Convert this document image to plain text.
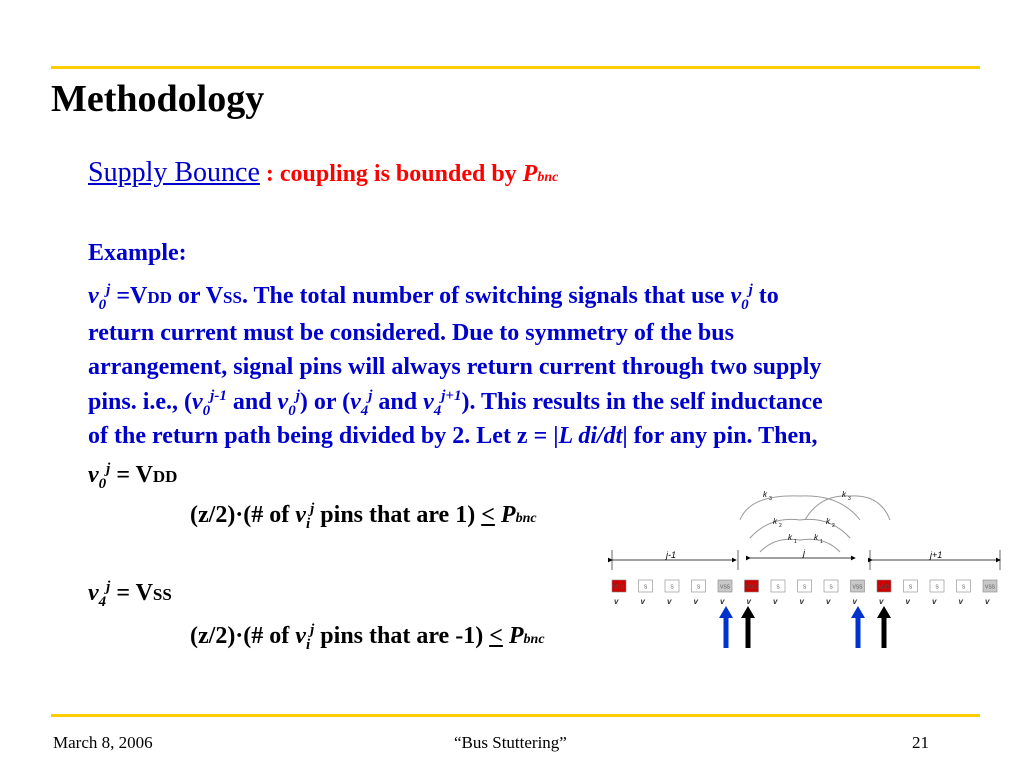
Methodology
Supply Bounce : coupling is bounded by Pbnc
Example:
$v_0^j =VDD$ or VSS. The total number of switching signals that use $v_0^j$ to
return current must be considered. Due to symmetry of the bus
arrangement, signal pins will always return current through two supply
pins. i.e., ($v_0^{j-1}$ and $v_0^j$) or ($v_4^j$ and $v_4^{j+1}$). This results in the self inductance
of the return path being divided by 2. Let z = |L di/dt| for any pin. Then,
$v_0^j$ = VDD
(z/2)·(# of $v_i^j$ pins that are 1) < Pbnc
$v_4^j$ = VSS
(z/2)·(# of $v_i^j$ pins that are -1) < Pbnc
k 3	k 3
k 2	k 2
k 1 k 1
j
j-1	j+1
VDD
v
S
v
S
v
S
v
VSS
v
VDD
v
S
v
S
v
S
v
VSS
v
VDD
v
S
v
S
v
S
v
VSS
v
March 8, 2006	“Bus Stuttering”	21
